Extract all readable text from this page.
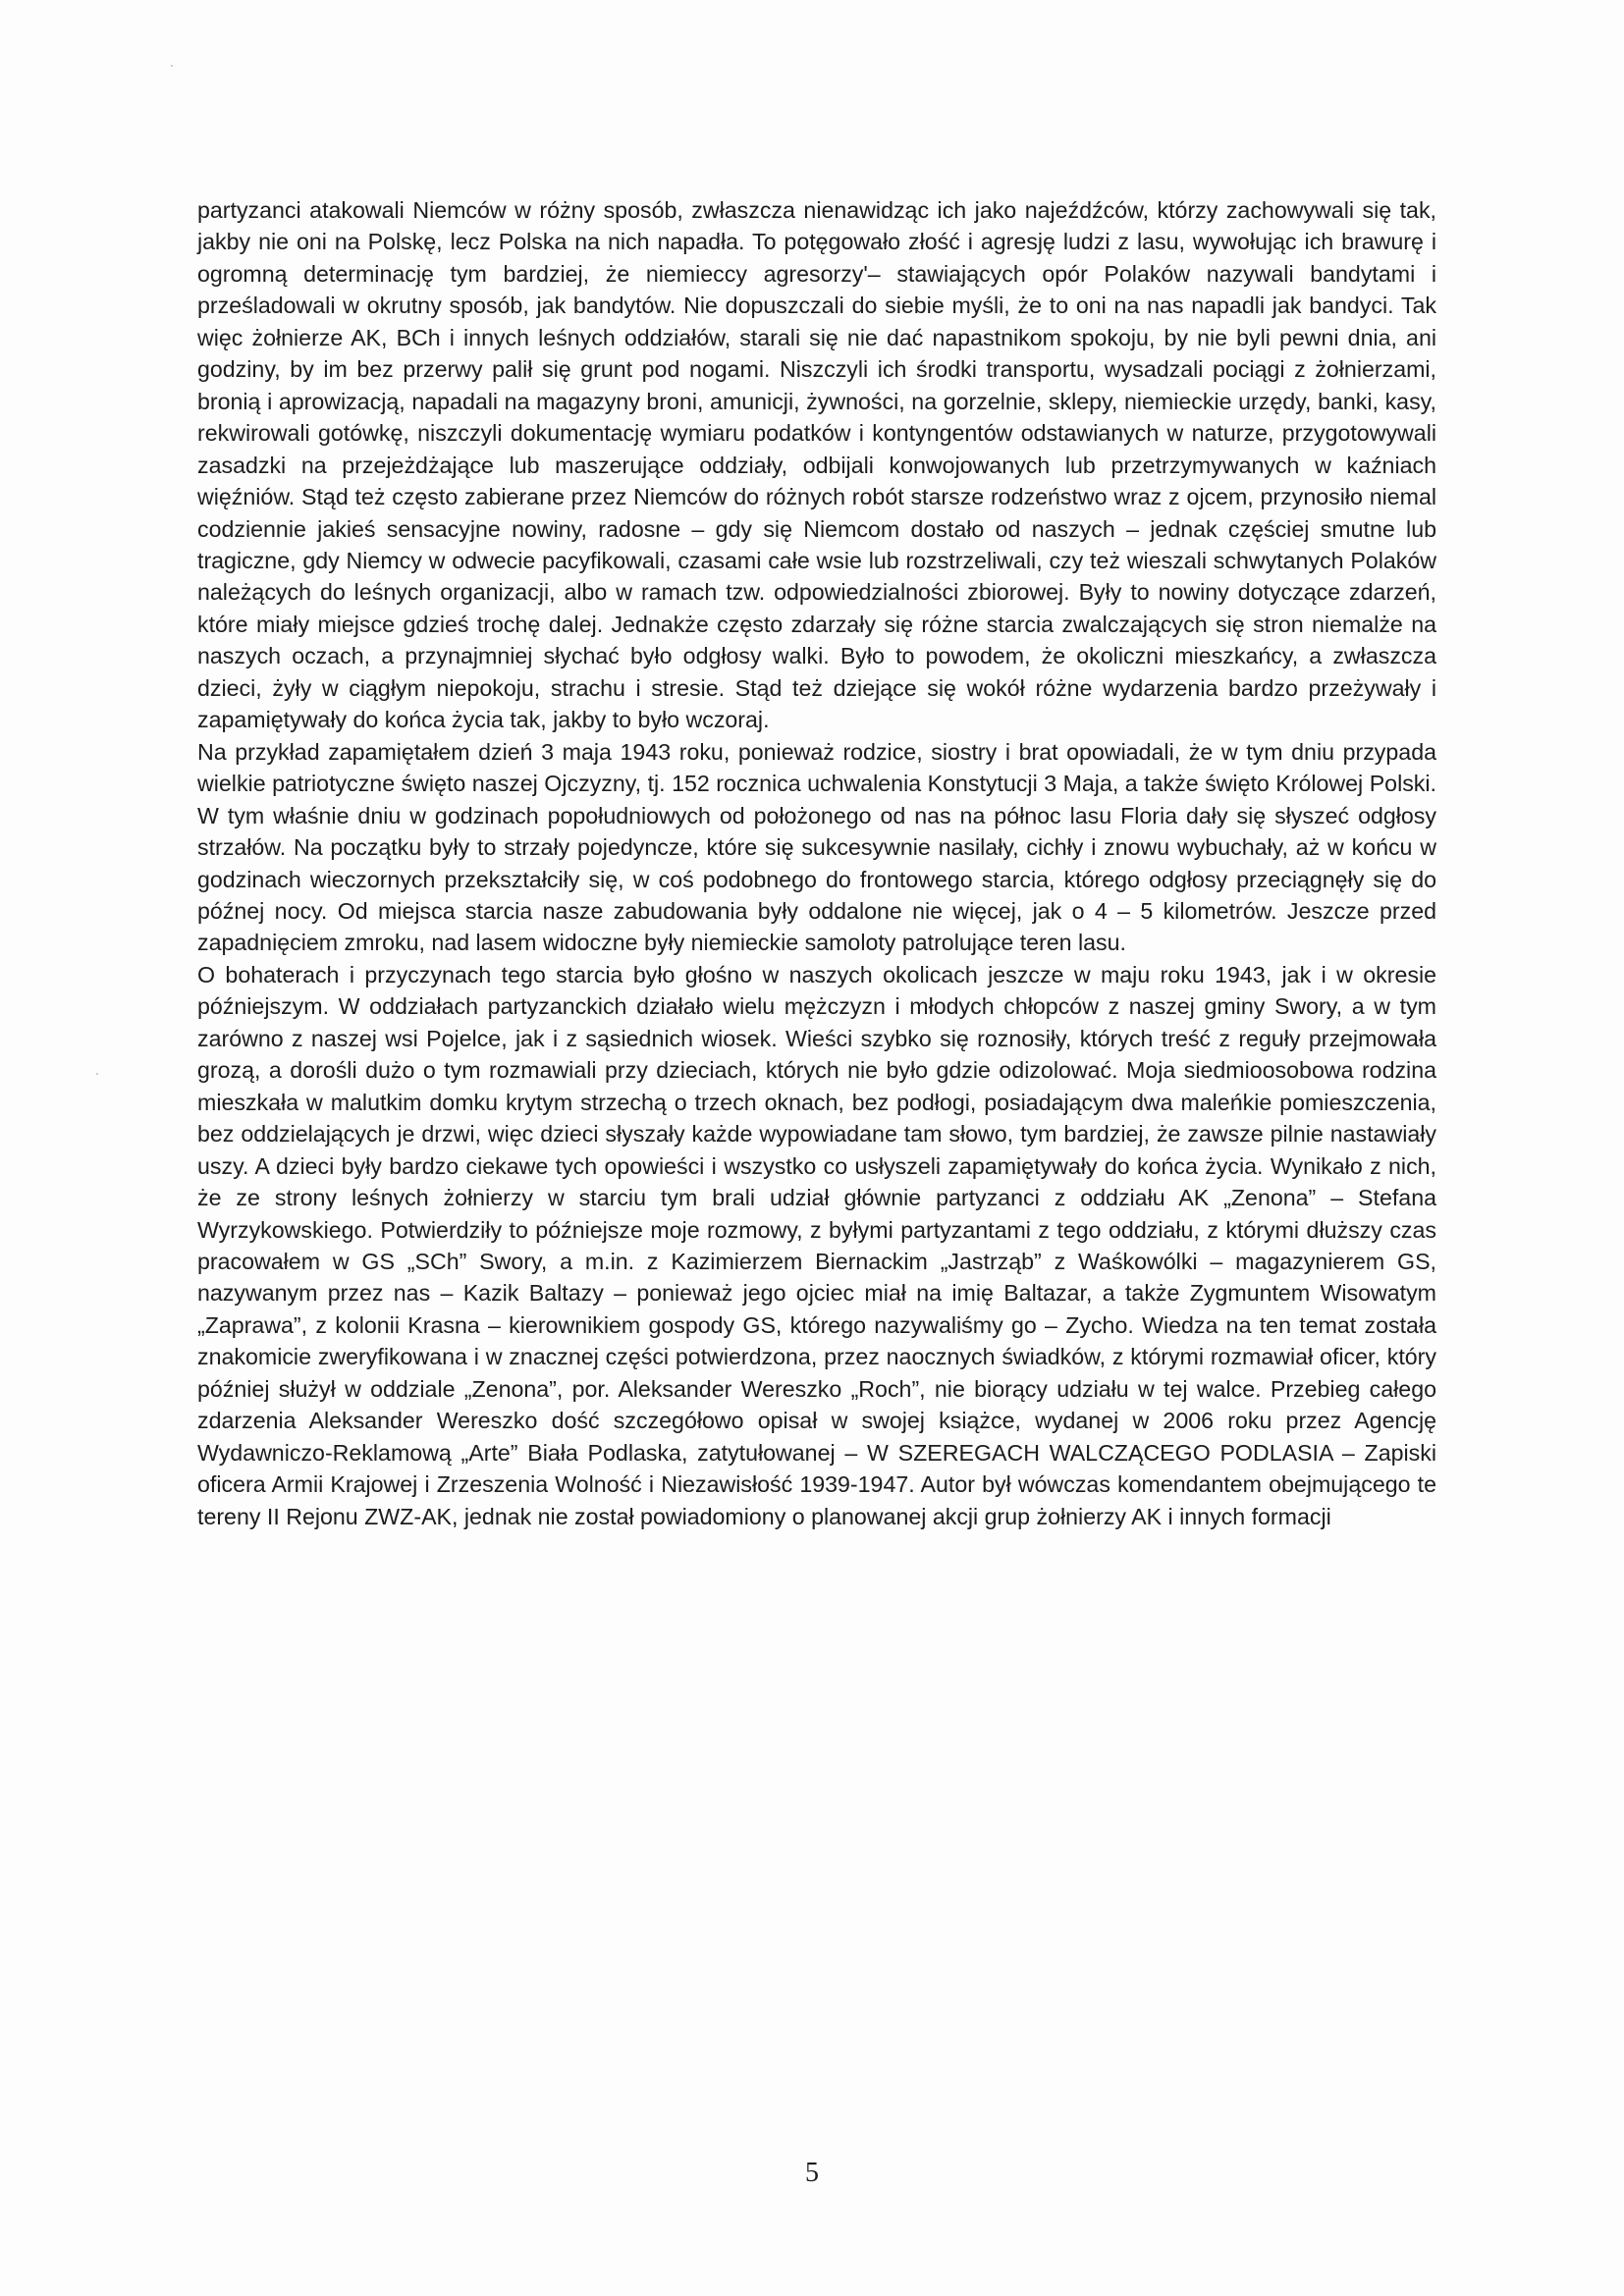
partyzanci atakowali Niemców w różny sposób, zwłaszcza nienawidząc ich jako najeźdźców, którzy zachowywali się tak, jakby nie oni na Polskę, lecz Polska na nich napadła. To potęgowało złość i agresję ludzi z lasu, wywołując ich brawurę i ogromną determinację tym bardziej, że niemieccy agresorzy'– stawiających opór Polaków nazywali bandytami i prześladowali w okrutny sposób, jak bandytów. Nie dopuszczali do siebie myśli, że to oni na nas napadli jak bandyci. Tak więc żołnierze AK, BCh i innych leśnych oddziałów, starali się nie dać napastnikom spokoju, by nie byli pewni dnia, ani godziny, by im bez przerwy palił się grunt pod nogami. Niszczyli ich środki transportu, wysadzali pociągi z żołnierzami, bronią i aprowizacją, napadali na magazyny broni, amunicji, żywności, na gorzelnie, sklepy, niemieckie urzędy, banki, kasy, rekwirowali gotówkę, niszczyli dokumentację wymiaru podatków i kontyngentów odstawianych w naturze, przygotowywali zasadzki na przejeżdżające lub maszerujące oddziały, odbijali konwojowanych lub przetrzymywanych w kaźniach więźniów. Stąd też często zabierane przez Niemców do różnych robót starsze rodzeństwo wraz z ojcem, przynosiło niemal codziennie jakieś sensacyjne nowiny, radosne – gdy się Niemcom dostało od naszych – jednak częściej smutne lub tragiczne, gdy Niemcy w odwecie pacyfikowali, czasami całe wsie lub rozstrzeliwali, czy też wieszali schwytanych Polaków należących do leśnych organizacji, albo w ramach tzw. odpowiedzialności zbiorowej. Były to nowiny dotyczące zdarzeń, które miały miejsce gdzieś trochę dalej. Jednakże często zdarzały się różne starcia zwalczających się stron niemalże na naszych oczach, a przynajmniej słychać było odgłosy walki. Było to powodem, że okoliczni mieszkańcy, a zwłaszcza dzieci, żyły w ciągłym niepokoju, strachu i stresie. Stąd też dziejące się wokół różne wydarzenia bardzo przeżywały i zapamiętywały do końca życia tak, jakby to było wczoraj.

Na przykład zapamiętałem dzień 3 maja 1943 roku, ponieważ rodzice, siostry i brat opowiadali, że w tym dniu przypada wielkie patriotyczne święto naszej Ojczyzny, tj. 152 rocznica uchwalenia Konstytucji 3 Maja, a także święto Królowej Polski. W tym właśnie dniu w godzinach popołudniowych od położonego od nas na północ lasu Floria dały się słyszeć odgłosy strzałów. Na początku były to strzały pojedyncze, które się sukcesywnie nasilały, cichły i znowu wybuchały, aż w końcu w godzinach wieczornych przekształciły się, w coś podobnego do frontowego starcia, którego odgłosy przeciągnęły się do późnej nocy. Od miejsca starcia nasze zabudowania były oddalone nie więcej, jak o 4 – 5 kilometrów. Jeszcze przed zapadnięciem zmroku, nad lasem widoczne były niemieckie samoloty patrolujące teren lasu.

O bohaterach i przyczynach tego starcia było głośno w naszych okolicach jeszcze w maju roku 1943, jak i w okresie późniejszym. W oddziałach partyzanckich działało wielu mężczyzn i młodych chłopców z naszej gminy Swory, a w tym zarówno z naszej wsi Pojelce, jak i z sąsiednich wiosek. Wieści szybko się roznosiły, których treść z reguły przejmowała grozą, a dorośli dużo o tym rozmawiali przy dzieciach, których nie było gdzie odizolować. Moja siedmioosobowa rodzina mieszkała w malutkim domku krytym strzechą o trzech oknach, bez podłogi, posiadającym dwa maleńkie pomieszczenia, bez oddzielających je drzwi, więc dzieci słyszały każde wypowiadane tam słowo, tym bardziej, że zawsze pilnie nastawiały uszy. A dzieci były bardzo ciekawe tych opowieści i wszystko co usłyszeli zapamiętywały do końca życia. Wynikało z nich, że ze strony leśnych żołnierzy w starciu tym brali udział głównie partyzanci z oddziału AK „Zenona” – Stefana Wyrzykowskiego. Potwierdziły to późniejsze moje rozmowy, z byłymi partyzantami z tego oddziału, z którymi dłuższy czas pracowałem w GS „SCh” Swory, a m.in. z Kazimierzem Biernackim „Jastrząb” z Waśkowólki – magazynierem GS, nazywanym przez nas – Kazik Baltazy – ponieważ jego ojciec miał na imię Baltazar, a także Zygmuntem Wisowatym „Zaprawa”, z kolonii Krasna – kierownikiem gospody GS, którego nazywaliśmy go – Zycho. Wiedza na ten temat została znakomicie zweryfikowana i w znacznej części potwierdzona, przez naocznych świadków, z którymi rozmawiał oficer, który później służył w oddziale „Zenona”, por. Aleksander Wereszko „Roch”, nie biorący udziału w tej walce. Przebieg całego zdarzenia Aleksander Wereszko dość szczegółowo opisał w swojej książce, wydanej w 2006 roku przez Agencję Wydawniczo-Reklamową „Arte” Biała Podlaska, zatytułowanej – W SZEREGACH WALCZĄCEGO PODLASIA – Zapiski oficera Armii Krajowej i Zrzeszenia Wolność i Niezawisłość 1939-1947. Autor był wówczas komendantem obejmującego te tereny II Rejonu ZWZ-AK, jednak nie został powiadomiony o planowanej akcji grup żołnierzy AK i innych formacji

5
